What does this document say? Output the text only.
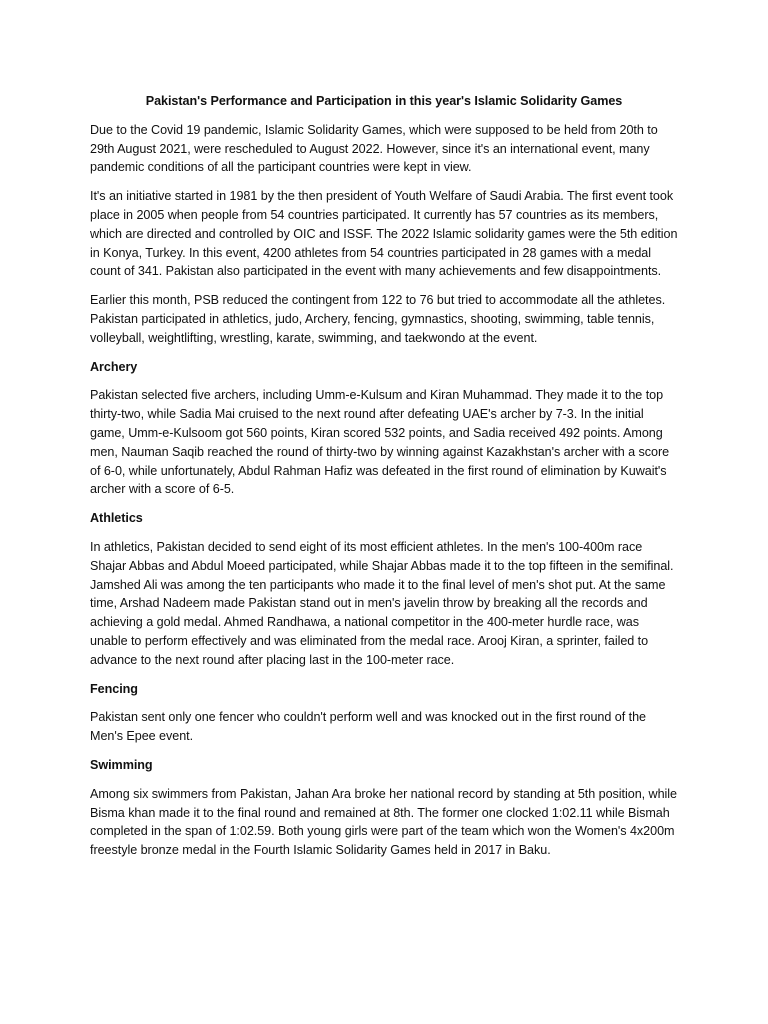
Pakistan's Performance and Participation in this year's Islamic Solidarity Games

Due to the Covid 19 pandemic, Islamic Solidarity Games, which were supposed to be held from 20th to 29th August 2021, were rescheduled to August 2022. However, since it's an international event, many pandemic conditions of all the participant countries were kept in view.

It's an initiative started in 1981 by the then president of Youth Welfare of Saudi Arabia. The first event took place in 2005 when people from 54 countries participated. It currently has 57 countries as its members, which are directed and controlled by OIC and ISSF. The 2022 Islamic solidarity games were the 5th edition in Konya, Turkey. In this event, 4200 athletes from 54 countries participated in 28 games with a medal count of 341. Pakistan also participated in the event with many achievements and few disappointments.

Earlier this month, PSB reduced the contingent from 122 to 76 but tried to accommodate all the athletes. Pakistan participated in athletics, judo, Archery, fencing, gymnastics, shooting, swimming, table tennis, volleyball, weightlifting, wrestling, karate, swimming, and taekwondo at the event.

Archery

Pakistan selected five archers, including Umm-e-Kulsum and Kiran Muhammad. They made it to the top thirty-two, while Sadia Mai cruised to the next round after defeating UAE's archer by 7-3. In the initial game, Umm-e-Kulsoom got 560 points, Kiran scored 532 points, and Sadia received 492 points. Among men, Nauman Saqib reached the round of thirty-two by winning against Kazakhstan's archer with a score of 6-0, while unfortunately, Abdul Rahman Hafiz was defeated in the first round of elimination by Kuwait's archer with a score of 6-5.

Athletics

In athletics, Pakistan decided to send eight of its most efficient athletes. In the men's 100-400m race Shajar Abbas and Abdul Moeed participated, while Shajar Abbas made it to the top fifteen in the semifinal. Jamshed Ali was among the ten participants who made it to the final level of men's shot put. At the same time, Arshad Nadeem made Pakistan stand out in men's javelin throw by breaking all the records and achieving a gold medal. Ahmed Randhawa, a national competitor in the 400-meter hurdle race, was unable to perform effectively and was eliminated from the medal race. Arooj Kiran, a sprinter, failed to advance to the next round after placing last in the 100-meter race.

Fencing

Pakistan sent only one fencer who couldn't perform well and was knocked out in the first round of the Men's Epee event.

Swimming

Among six swimmers from Pakistan, Jahan Ara broke her national record by standing at 5th position, while Bisma khan made it to the final round and remained at 8th. The former one clocked 1:02.11 while Bismah completed in the span of 1:02.59. Both young girls were part of the team which won the Women's 4x200m freestyle bronze medal in the Fourth Islamic Solidarity Games held in 2017 in Baku.
